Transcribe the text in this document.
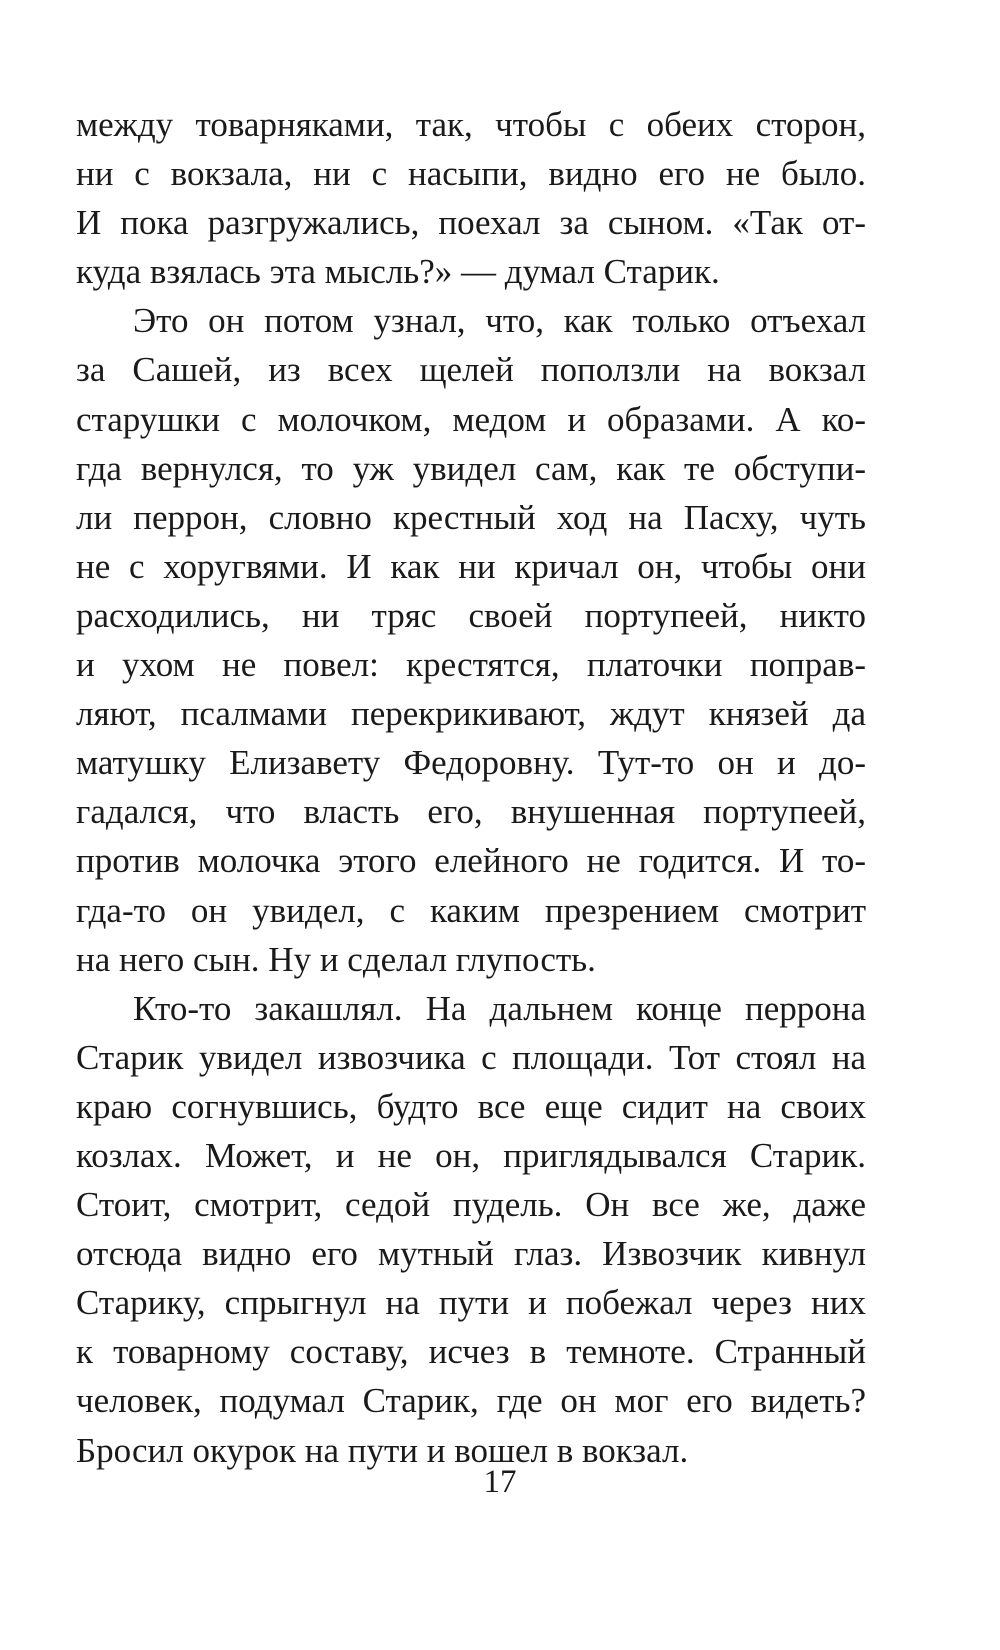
между товарняками, так, чтобы с обеих сторон,
ни с вокзала, ни с насыпи, видно его не было.
И пока разгружались, поехал за сыном. «Так от-
куда взялась эта мысль?» — думал Старик.
Это он потом узнал, что, как только отъехал
за Сашей, из всех щелей поползли на вокзал
старушки с молочком, медом и образами. А ко-
гда вернулся, то уж увидел сам, как те обступи-
ли перрон, словно крестный ход на Пасху, чуть
не с хоругвями. И как ни кричал он, чтобы они
расходились, ни тряс своей портупеей, никто
и ухом не повел: крестятся, платочки поправ-
ляют, псалмами перекрикивают, ждут князей да
матушку Елизавету Федоровну. Тут-то он и до-
гадался, что власть его, внушенная портупеей,
против молочка этого елейного не годится. И то-
гда-то он увидел, с каким презрением смотрит
на него сын. Ну и сделал глупость.
Кто-то закашлял. На дальнем конце перрона
Старик увидел извозчика с площади. Тот стоял на
краю согнувшись, будто все еще сидит на своих
козлах. Может, и не он, приглядывался Старик.
Стоит, смотрит, седой пудель. Он все же, даже
отсюда видно его мутный глаз. Извозчик кивнул
Старику, спрыгнул на пути и побежал через них
к товарному составу, исчез в темноте. Странный
человек, подумал Старик, где он мог его видеть?
Бросил окурок на пути и вошел в вокзал.
17
